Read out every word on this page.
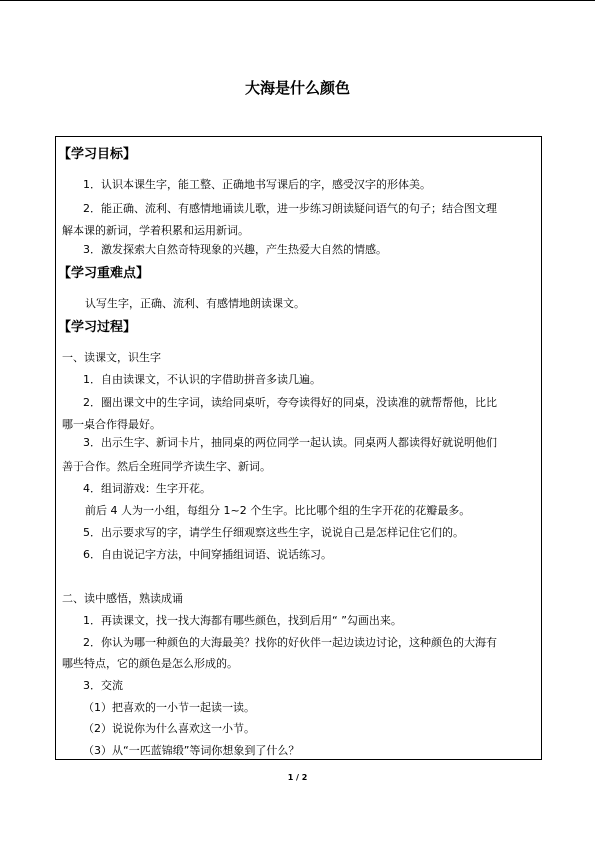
大海是什么颜色
【学习目标】
1．认识本课生字，能工整、正确地书写课后的字，感受汉字的形体美。
2．能正确、流利、有感情地诵读儿歌，进一步练习朗读疑问语气的句子；结合图文理
解本课的新词，学着积累和运用新词。
3．激发探索大自然奇特现象的兴趣，产生热爱大自然的情感。
【学习重难点】
认写生字，正确、流利、有感情地朗读课文。
【学习过程】
一、读课文，识生字
1．自由读课文，不认识的字借助拼音多读几遍。
2．圈出课文中的生字词，读给同桌听，夸夸读得好的同桌，没读准的就帮帮他，比比
哪一桌合作得最好。
3．出示生字、新词卡片，抽同桌的两位同学一起认读。同桌两人都读得好就说明他们
善于合作。然后全班同学齐读生字、新词。
4．组词游戏：生字开花。
前后 4 人为一小组，每组分 1~2 个生字。比比哪个组的生字开花的花瓣最多。
5．出示要求写的字，请学生仔细观察这些生字，说说自己是怎样记住它们的。
6．自由说记字方法，中间穿插组词语、说话练习。
二、读中感悟，熟读成诵
1．再读课文，找一找大海都有哪些颜色，找到后用“ ”勾画出来。
2．你认为哪一种颜色的大海最美？找你的好伙伴一起边读边讨论，这种颜色的大海有
哪些特点，它的颜色是怎么形成的。
3．交流
（1）把喜欢的一小节一起读一读。
（2）说说你为什么喜欢这一小节。
（3）从“一匹蓝锦缎”等词你想象到了什么？
1 / 2
